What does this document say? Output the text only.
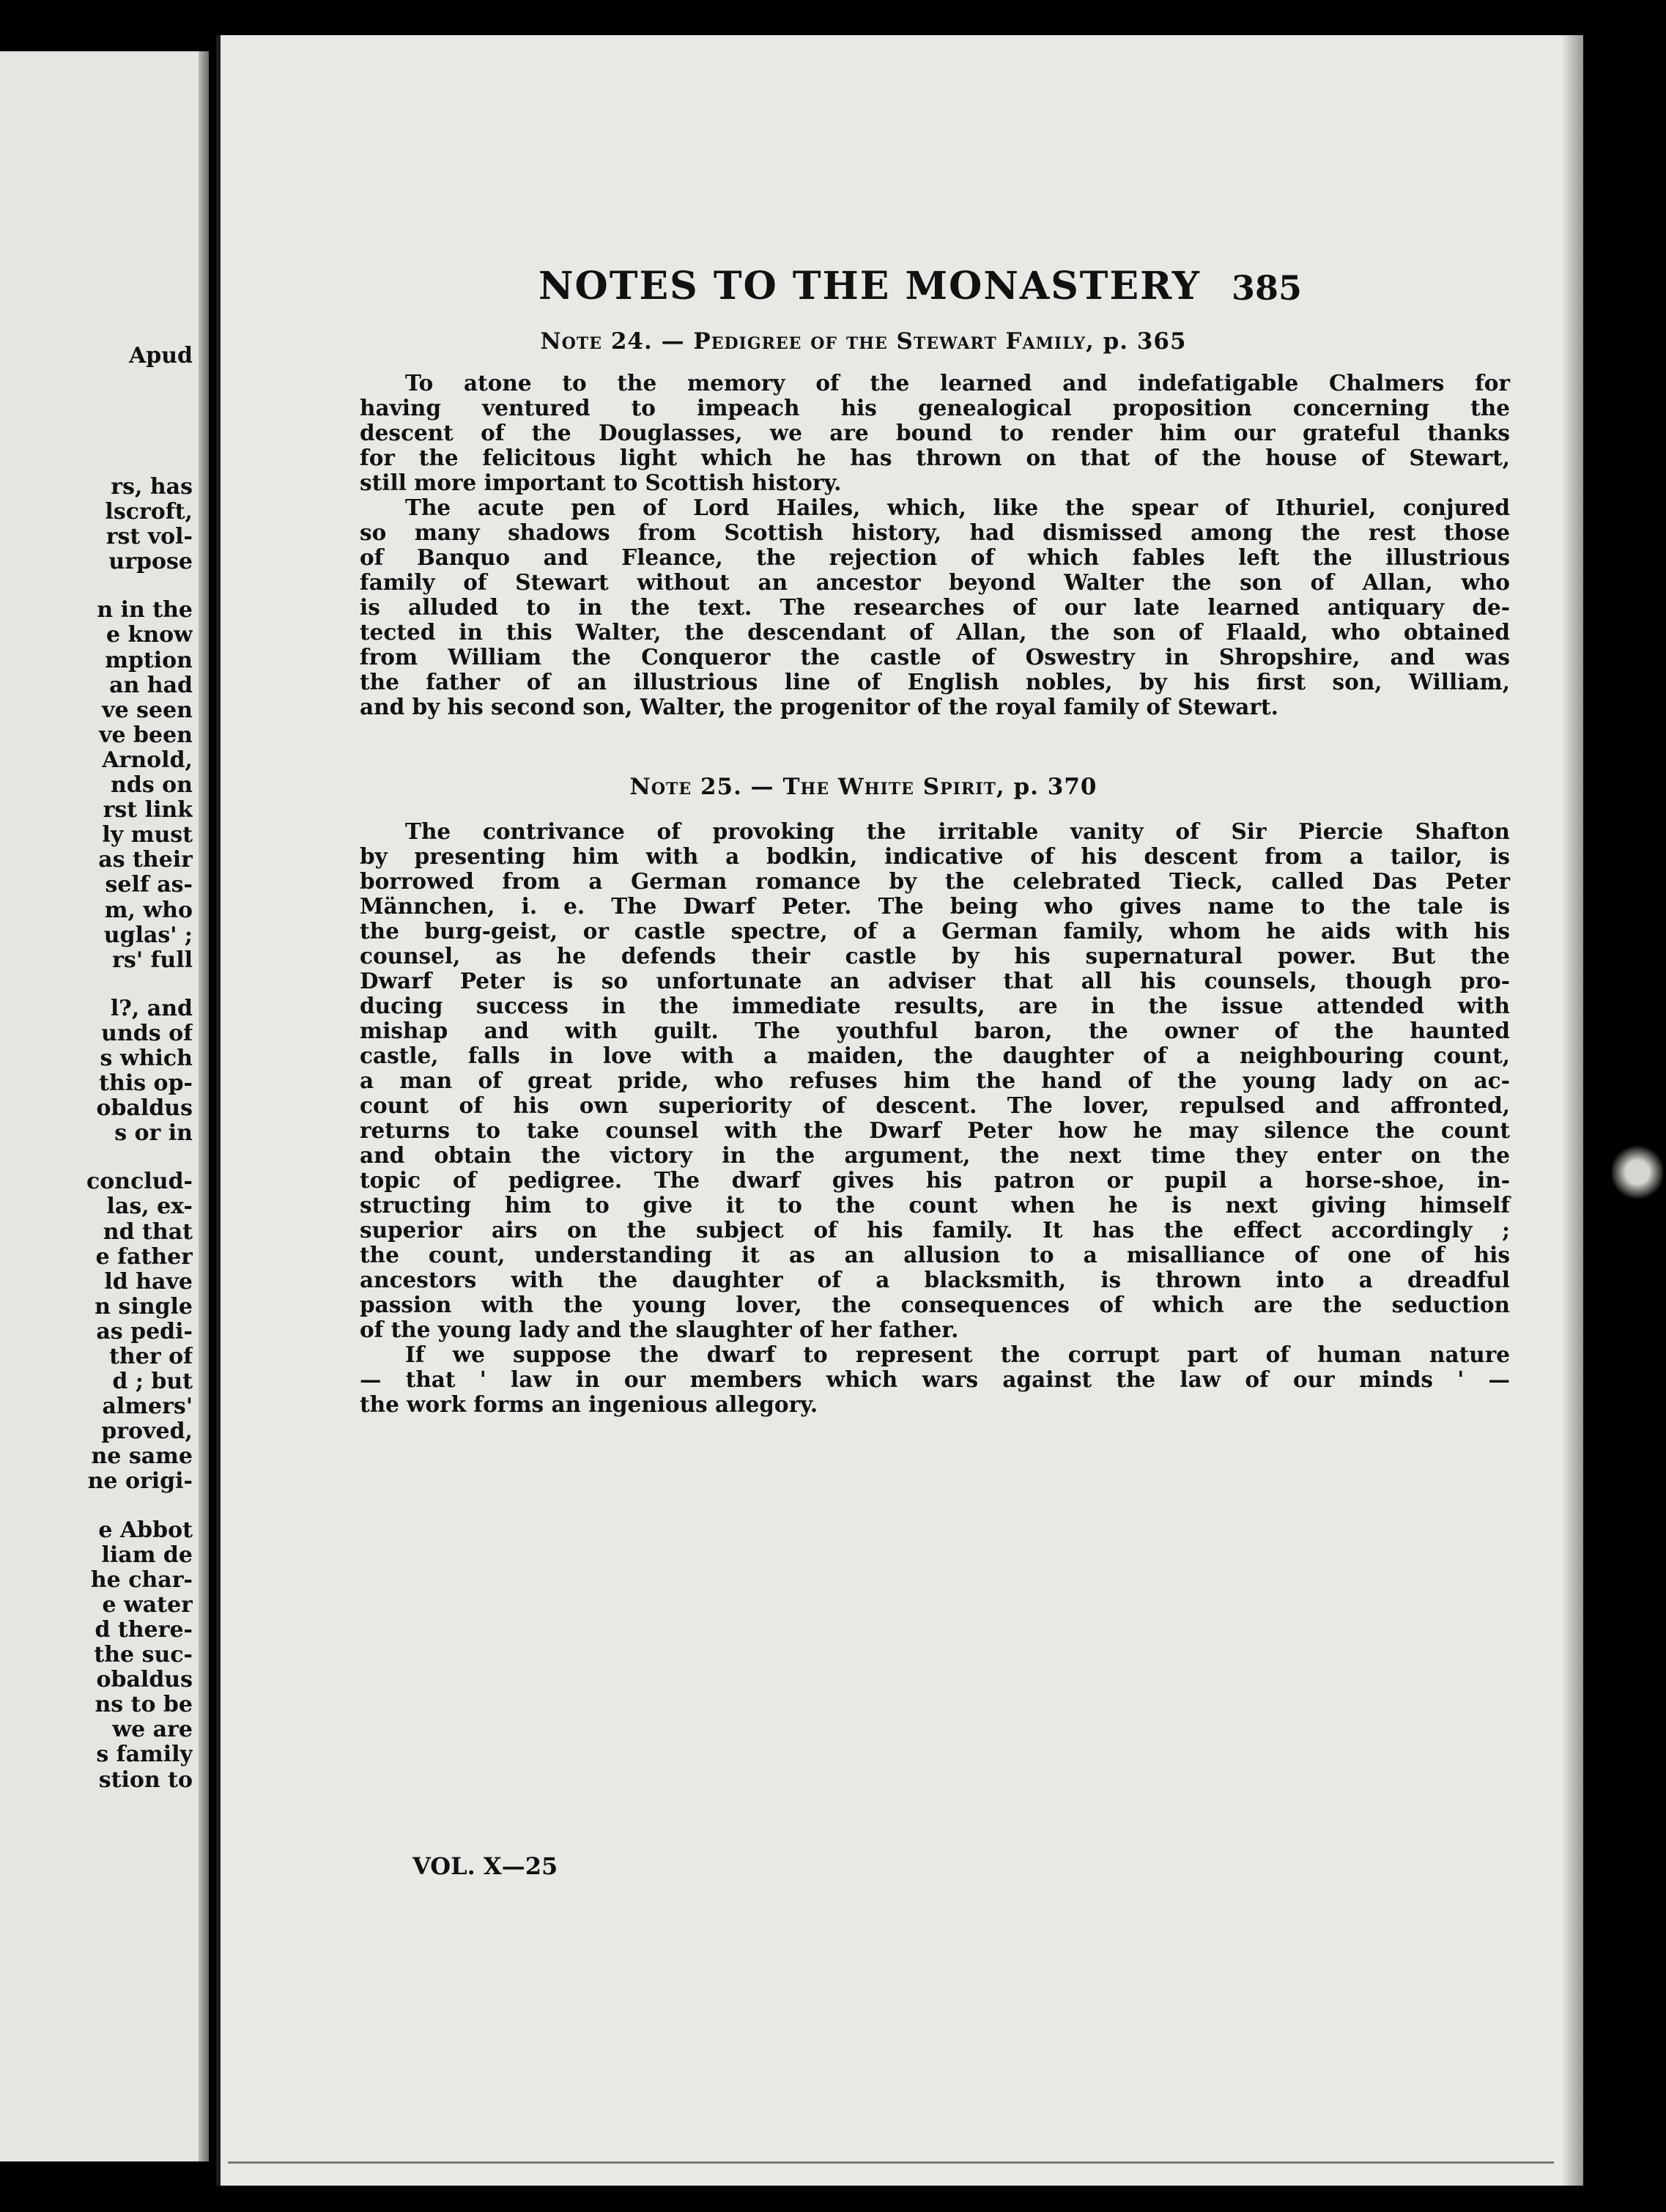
Apud
rs, has
lscroft,
rst vol-
urpose
n in the
e know
mption
an had
ve seen
ve been
Arnold,
nds on
rst link
ly must
as their
self as-
m, who
uglas' ;
rs' full
l?, and
unds of
s which
this op-
obaldus
s or in
conclud-
las, ex-
nd that
e father
ld have
n single
as pedi-
ther of
d ; but
almers'
proved,
ne same
ne origi-
e Abbot
liam de
he char-
e water
d there-
the suc-
obaldus
ns to be
we are
s family
stion to
NOTES TO THE MONASTERY 385
Note 24. — Pedigree of the Stewart Family, p. 365
To atone to the memory of the learned and indefatigable Chalmers for
having ventured to impeach his genealogical proposition concerning the
descent of the Douglasses, we are bound to render him our grateful thanks
for the felicitous light which he has thrown on that of the house of Stewart,
still more important to Scottish history.
The acute pen of Lord Hailes, which, like the spear of Ithuriel, conjured
so many shadows from Scottish history, had dismissed among the rest those
of Banquo and Fleance, the rejection of which fables left the illustrious
family of Stewart without an ancestor beyond Walter the son of Allan, who
is alluded to in the text. The researches of our late learned antiquary de-
tected in this Walter, the descendant of Allan, the son of Flaald, who obtained
from William the Conqueror the castle of Oswestry in Shropshire, and was
the father of an illustrious line of English nobles, by his first son, William,
and by his second son, Walter, the progenitor of the royal family of Stewart.
Note 25. — The White Spirit, p. 370
The contrivance of provoking the irritable vanity of Sir Piercie Shafton
by presenting him with a bodkin, indicative of his descent from a tailor, is
borrowed from a German romance by the celebrated Tieck, called Das Peter
Männchen, i. e. The Dwarf Peter. The being who gives name to the tale is
the burg-geist, or castle spectre, of a German family, whom he aids with his
counsel, as he defends their castle by his supernatural power. But the
Dwarf Peter is so unfortunate an adviser that all his counsels, though pro-
ducing success in the immediate results, are in the issue attended with
mishap and with guilt. The youthful baron, the owner of the haunted
castle, falls in love with a maiden, the daughter of a neighbouring count,
a man of great pride, who refuses him the hand of the young lady on ac-
count of his own superiority of descent. The lover, repulsed and affronted,
returns to take counsel with the Dwarf Peter how he may silence the count
and obtain the victory in the argument, the next time they enter on the
topic of pedigree. The dwarf gives his patron or pupil a horse-shoe, in-
structing him to give it to the count when he is next giving himself
superior airs on the subject of his family. It has the effect accordingly ;
the count, understanding it as an allusion to a misalliance of one of his
ancestors with the daughter of a blacksmith, is thrown into a dreadful
passion with the young lover, the consequences of which are the seduction
of the young lady and the slaughter of her father.
If we suppose the dwarf to represent the corrupt part of human nature
— that ' law in our members which wars against the law of our minds ' —
the work forms an ingenious allegory.
VOL. X—25
